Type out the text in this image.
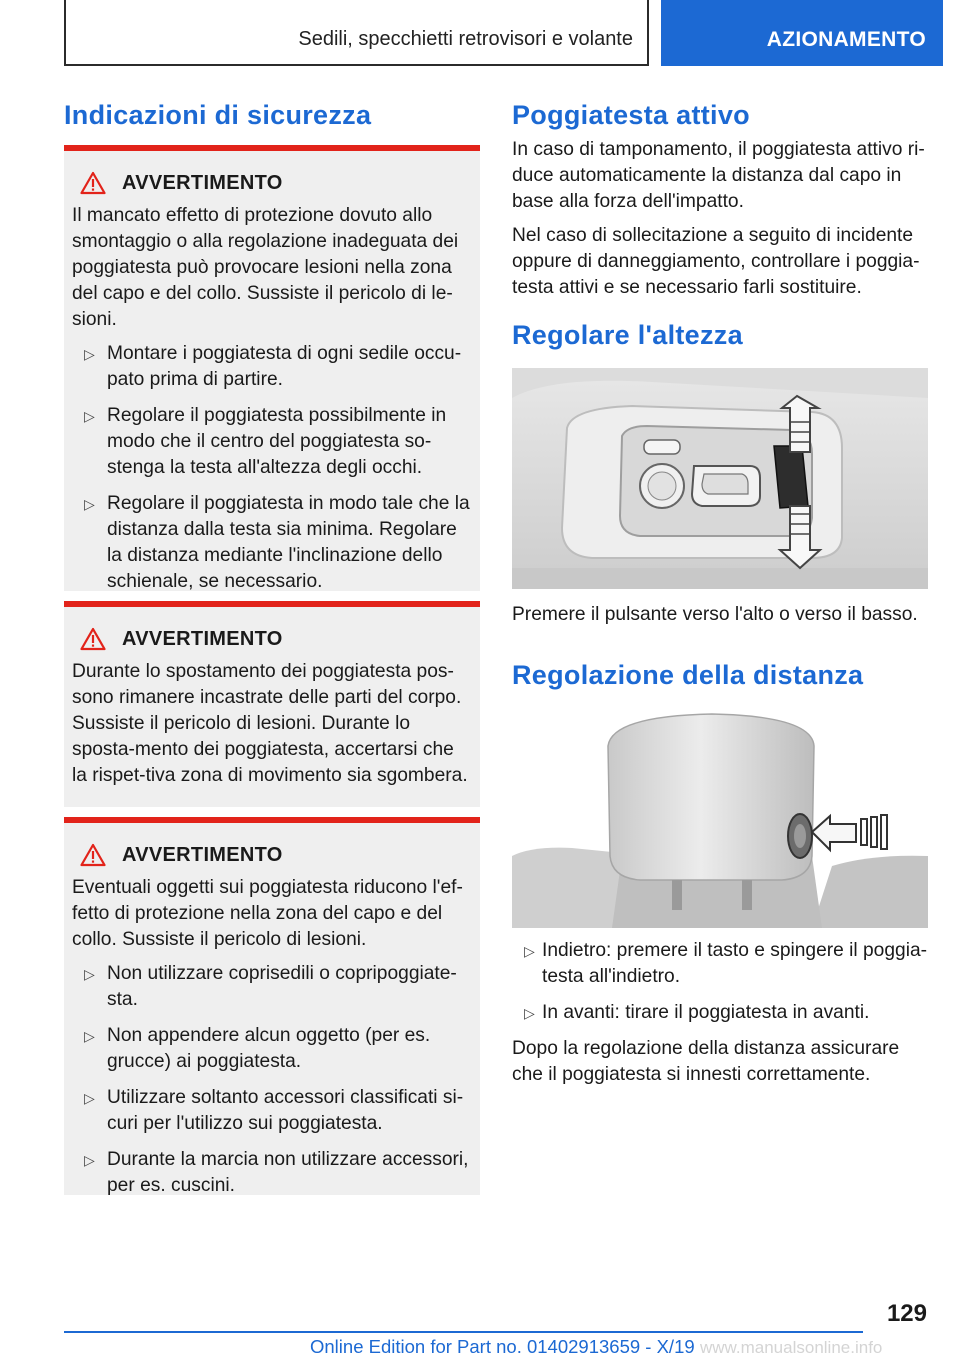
Sedili, specchietti retrovisori e volante	AZIONAMENTO
Indicazioni di sicurezza
AVVERTIMENTO
Il mancato effetto di protezione dovuto allo smontaggio o alla regolazione inadeguata dei poggiatesta può provocare lesioni nella zona del capo e del collo. Sussiste il pericolo di le-sioni.
▷ Montare i poggiatesta di ogni sedile occu-pato prima di partire.
▷ Regolare il poggiatesta possibilmente in modo che il centro del poggiatesta so-stenga la testa all'altezza degli occhi.
▷ Regolare il poggiatesta in modo tale che la distanza dalla testa sia minima. Regolare la distanza mediante l'inclinazione dello schienale, se necessario.
AVVERTIMENTO
Durante lo spostamento dei poggiatesta pos-sono rimanere incastrate delle parti del corpo. Sussiste il pericolo di lesioni. Durante lo sposta-mento dei poggiatesta, accertarsi che la rispet-tiva zona di movimento sia sgombera.
AVVERTIMENTO
Eventuali oggetti sui poggiatesta riducono l'ef-fetto di protezione nella zona del capo e del collo. Sussiste il pericolo di lesioni.
▷ Non utilizzare coprisedili o copripoggiate-sta.
▷ Non appendere alcun oggetto (per es. grucce) ai poggiatesta.
▷ Utilizzare soltanto accessori classificati si-curi per l'utilizzo sui poggiatesta.
▷ Durante la marcia non utilizzare accessori, per es. cuscini.
Poggiatesta attivo
In caso di tamponamento, il poggiatesta attivo ri-duce automaticamente la distanza dal capo in base alla forza dell'impatto.
Nel caso di sollecitazione a seguito di incidente oppure di danneggiamento, controllare i poggia-testa attivi e se necessario farli sostituire.
Regolare l'altezza
Premere il pulsante verso l'alto o verso il basso.
Regolazione della distanza
▷ Indietro: premere il tasto e spingere il poggia-testa all'indietro.
▷ In avanti: tirare il poggiatesta in avanti.
Dopo la regolazione della distanza assicurare che il poggiatesta si innesti correttamente.
129
Online Edition for Part no. 01402913659 - X/19 www.manualsonline.info
